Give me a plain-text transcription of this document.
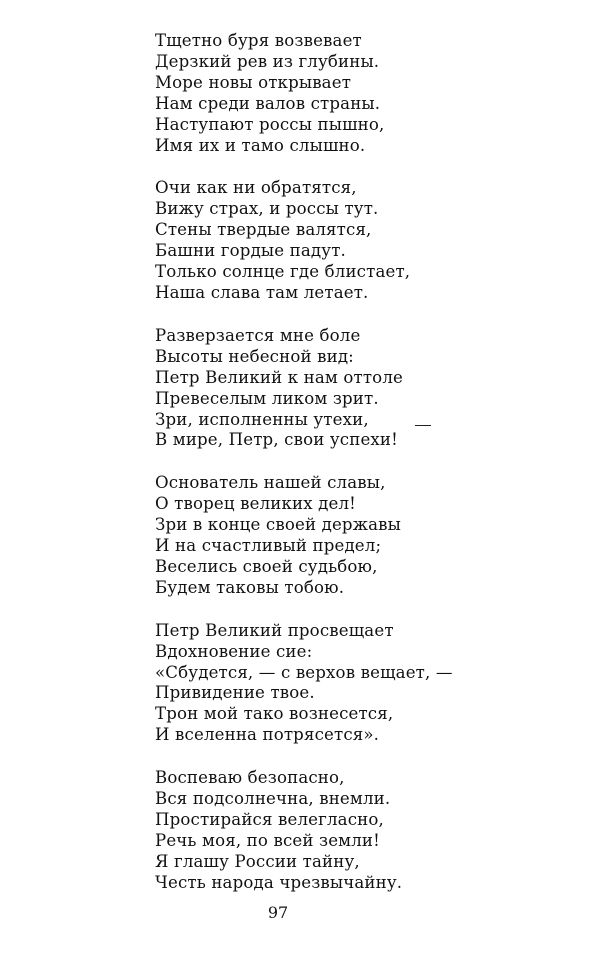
Тщетно буря возвевает
Дерзкий рев из глубины.
Море новы открывает
Нам среди валов страны.
Наступают россы пышно,
Имя их и тамо слышно.
Очи как ни обратятся,
Вижу страх, и россы тут.
Стены твердые валятся,
Башни гордые падут.
Только солнце где блистает,
Наша слава там летает.
Разверзается мне боле
Высоты небесной вид:
Петр Великий к нам оттоле
Превеселым ликом зрит.
Зри, исполненны утехи,
В мире, Петр, свои успехи!
Основатель нашей славы,
О творец великих дел!
Зри в конце своей державы
И на счастливый предел;
Веселись своей судьбою,
Будем таковы тобою.
Петр Великий просвещает
Вдохновение сие:
«Сбудется, — с верхов вещает, —
Привидение твое.
Трон мой тако вознесется,
И вселенна потрясется».
Воспеваю безопасно,
Вся подсолнечна, внемли.
Простирайся велегласно,
Речь моя, по всей земли!
Я глашу России тайну,
Честь народа чрезвычайну.
97
